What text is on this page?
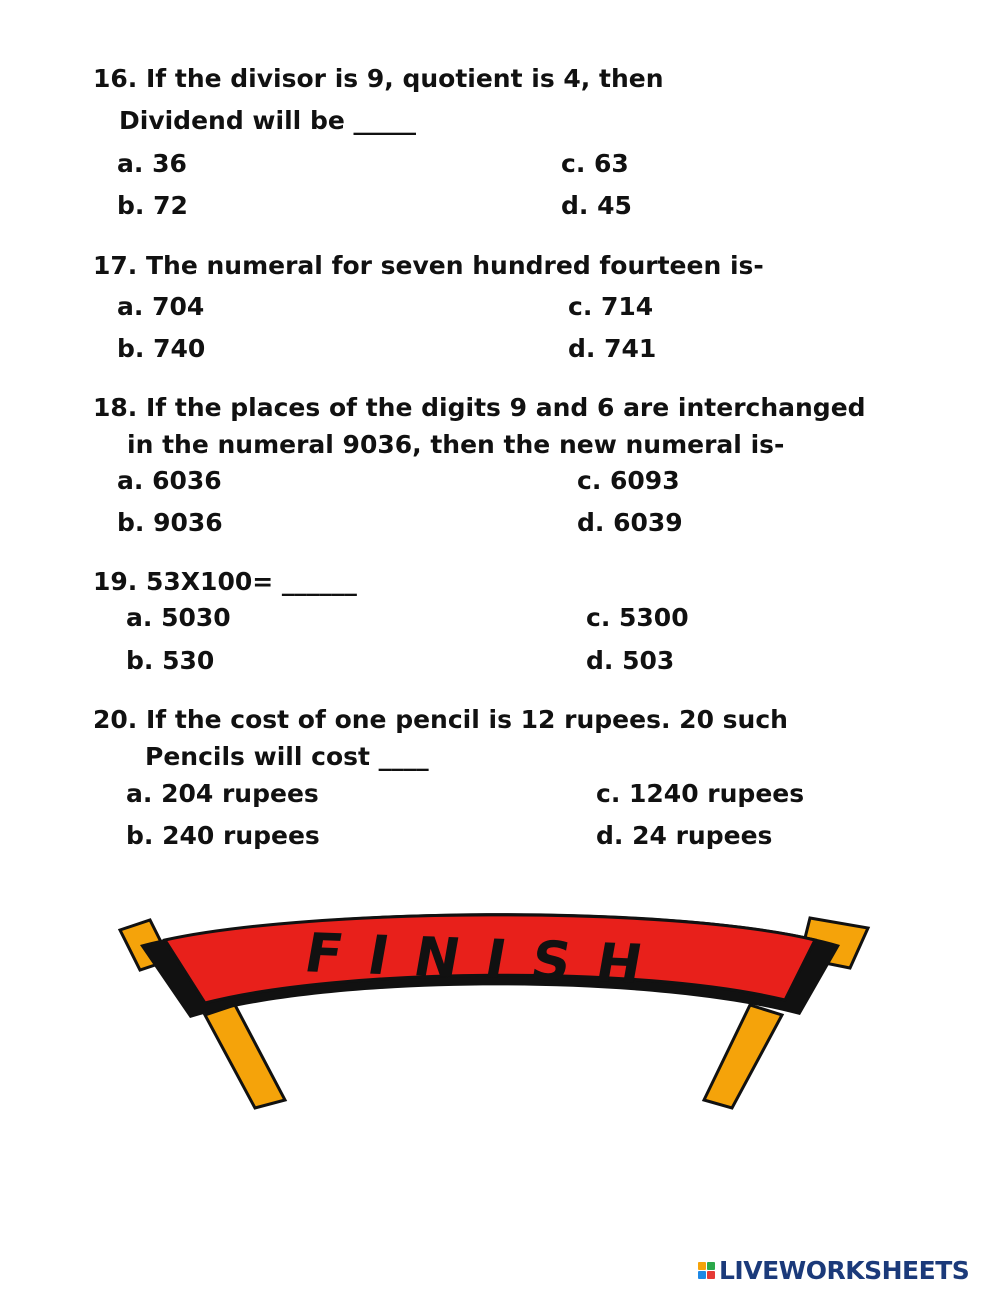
16. If the divisor is 9, quotient is 4, then
Dividend will be _____
a. 36
b. 72
c. 63
d. 45
17. The numeral for seven hundred fourteen is-
a. 704
b. 740
c. 714
d. 741
18. If the places of the digits 9 and 6 are interchanged
in the numeral 9036, then the new numeral is-
a. 6036
b. 9036
c. 6093
d. 6039
19. 53X100= ______
a. 5030
b. 530
c. 5300
d. 503
20. If the cost of one pencil is 12 rupees. 20 such
Pencils will cost ____
a. 204 rupees
b. 240 rupees
c. 1240 rupees
d. 24 rupees
FINISH
LIVEWORKSHEETS
